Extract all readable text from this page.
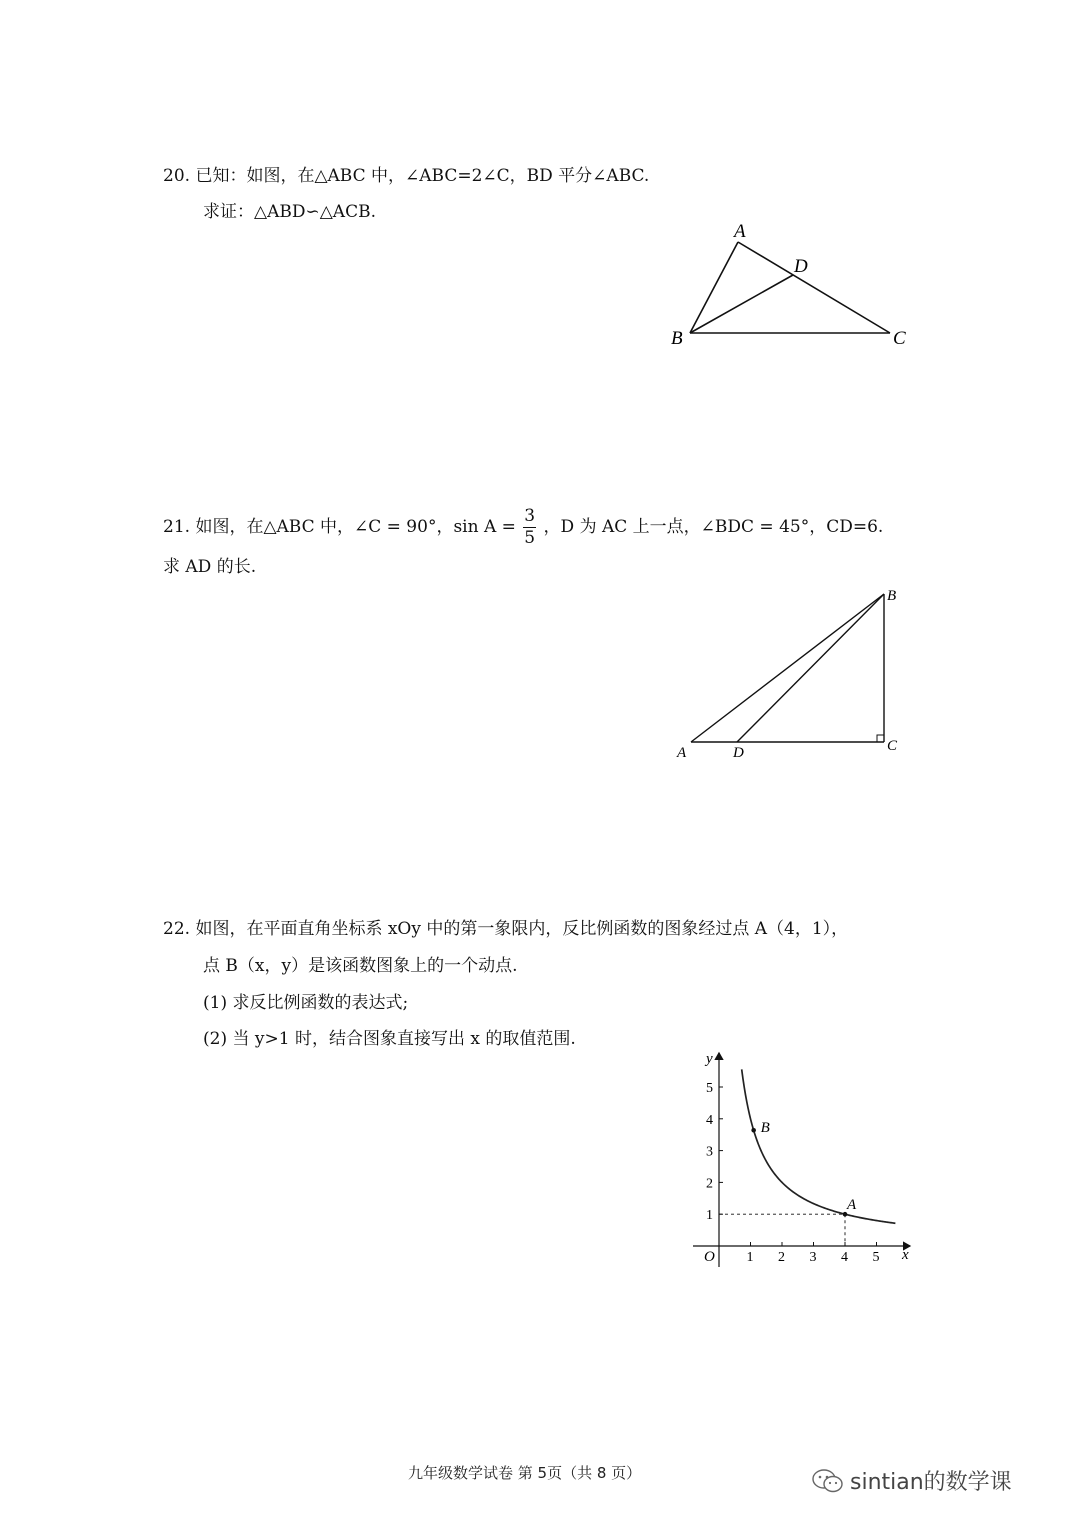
20. 已知：如图，在△ABC 中，∠ABC=2∠C，BD 平分∠ABC.
求证：△ABD∽△ACB.
A
D
B	C
21. 如图，在△ABC 中，∠C = 90°，$\sin A = \frac{3}{5}$ ，D 为 AC 上一点，∠BDC = 45°，CD=6.
求 AD 的长.
B
A	D	C
22. 如图，在平面直角坐标系 xOy 中的第一象限内，反比例函数的图象经过点 A（4，1），
点 B（x，y）是该函数图象上的一个动点.
(1) 求反比例函数的表达式;
(2) 当 y>1 时，结合图象直接写出 x 的取值范围.
1 2 3 4 5
1
2
3
4
5
A
B
y
x
O
九年级数学试卷 第 5页（共 8 页）	sintian的数学课
